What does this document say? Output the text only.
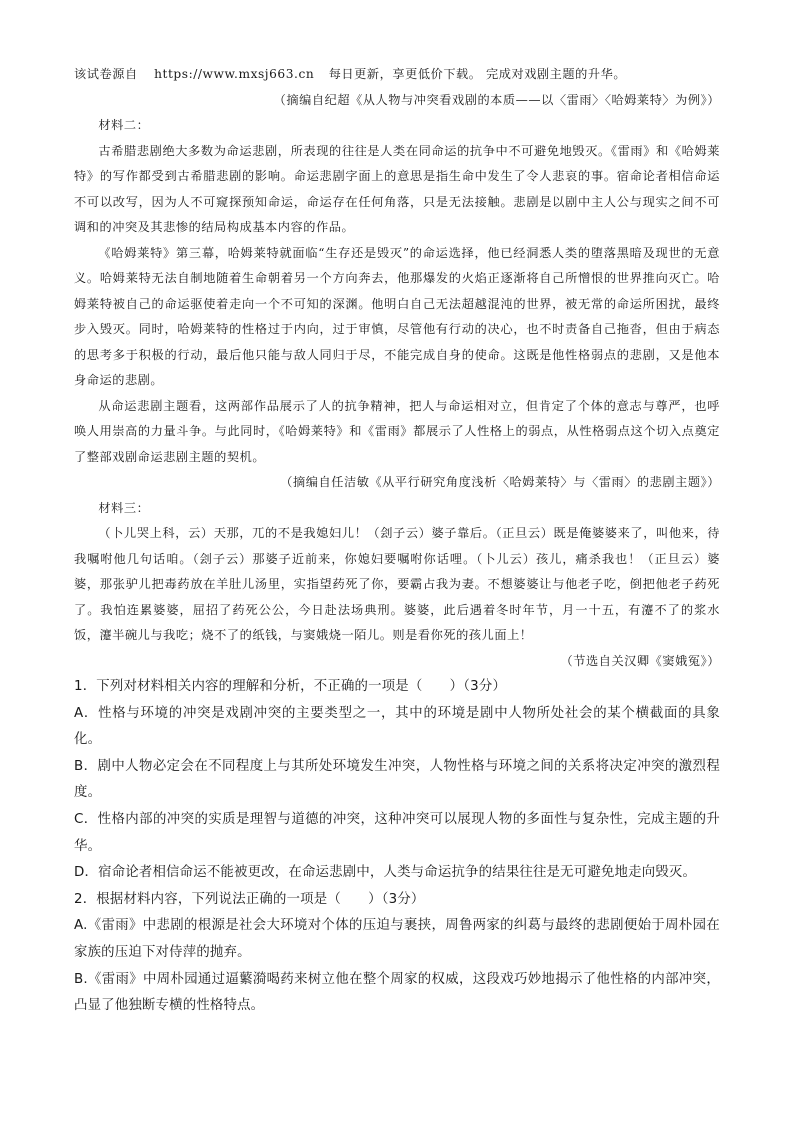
该试卷源自 https://www.mxsj663.cn 每日更新，享更低价下载。 完成对戏剧主题的升华。
（摘编自纪超《从人物与冲突看戏剧的本质——以〈雷雨〉〈哈姆莱特〉为例》）
材料二：

古希腊悲剧绝大多数为命运悲剧，所表现的往往是人类在同命运的抗争中不可避免地毁灭。《雷雨》和《哈姆莱特》的写作都受到古希腊悲剧的影响。命运悲剧字面上的意思是指生命中发生了令人悲哀的事。宿命论者相信命运不可以改写，因为人不可窥探预知命运，命运存在任何角落，只是无法接触。悲剧是以剧中主人公与现实之间不可调和的冲突及其悲惨的结局构成基本内容的作品。

《哈姆莱特》第三幕，哈姆莱特就面临“生存还是毁灭”的命运选择，他已经洞悉人类的堕落黑暗及现世的无意义。哈姆莱特无法自制地随着生命朝着另一个方向奔去，他那爆发的火焰正逐渐将自己所憎恨的世界推向灭亡。哈姆莱特被自己的命运驱使着走向一个不可知的深渊。他明白自己无法超越混沌的世界，被无常的命运所困扰，最终步入毁灭。同时，哈姆莱特的性格过于内向，过于审慎，尽管他有行动的决心，也不时责备自己拖沓，但由于病态的思考多于积极的行动，最后他只能与敌人同归于尽，不能完成自身的使命。这既是他性格弱点的悲剧，又是他本身命运的悲剧。

从命运悲剧主题看，这两部作品展示了人的抗争精神，把人与命运相对立，但肯定了个体的意志与尊严，也呼唤人用崇高的力量斗争。与此同时，《哈姆莱特》和《雷雨》都展示了人性格上的弱点，从性格弱点这个切入点奠定了整部戏剧命运悲剧主题的契机。

（摘编自任洁敏《从平行研究角度浅析〈哈姆莱特〉与〈雷雨〉的悲剧主题》）
材料三：

（卜儿哭上科，云）天那，兀的不是我媳妇儿！（刽子云）婆子靠后。（正旦云）既是俺婆婆来了，叫他来，待我嘱咐他几句话咱。（刽子云）那婆子近前来，你媳妇要嘱咐你话哩。（卜儿云）孩儿，痛杀我也！（正旦云）婆婆，那张驴儿把毒药放在羊肚儿汤里，实指望药死了你，要霸占我为妻。不想婆婆让与他老子吃，倒把他老子药死了。我怕连累婆婆，屈招了药死公公，今日赴法场典刑。婆婆，此后遇着冬时年节，月一十五，有瀽不了的浆水饭，瀽半碗儿与我吃；烧不了的纸钱，与窦娥烧一陌儿。则是看你死的孩儿面上！

（节选自关汉卿《窦娥冤》）

1．下列对材料相关内容的理解和分析，不正确的一项是（　　）（3分）

A．性格与环境的冲突是戏剧冲突的主要类型之一，其中的环境是剧中人物所处社会的某个横截面的具象化。

B．剧中人物必定会在不同程度上与其所处环境发生冲突，人物性格与环境之间的关系将决定冲突的激烈程度。

C．性格内部的冲突的实质是理智与道德的冲突，这种冲突可以展现人物的多面性与复杂性，完成主题的升华。

D．宿命论者相信命运不能被更改，在命运悲剧中，人类与命运抗争的结果往往是无可避免地走向毁灭。

2．根据材料内容，下列说法正确的一项是（　　）（3分）

A.《雷雨》中悲剧的根源是社会大环境对个体的压迫与裹挟，周鲁两家的纠葛与最终的悲剧便始于周朴园在家族的压迫下对侍萍的抛弃。

B.《雷雨》中周朴园通过逼蘩漪喝药来树立他在整个周家的权威，这段戏巧妙地揭示了他性格的内部冲突，凸显了他独断专横的性格特点。
